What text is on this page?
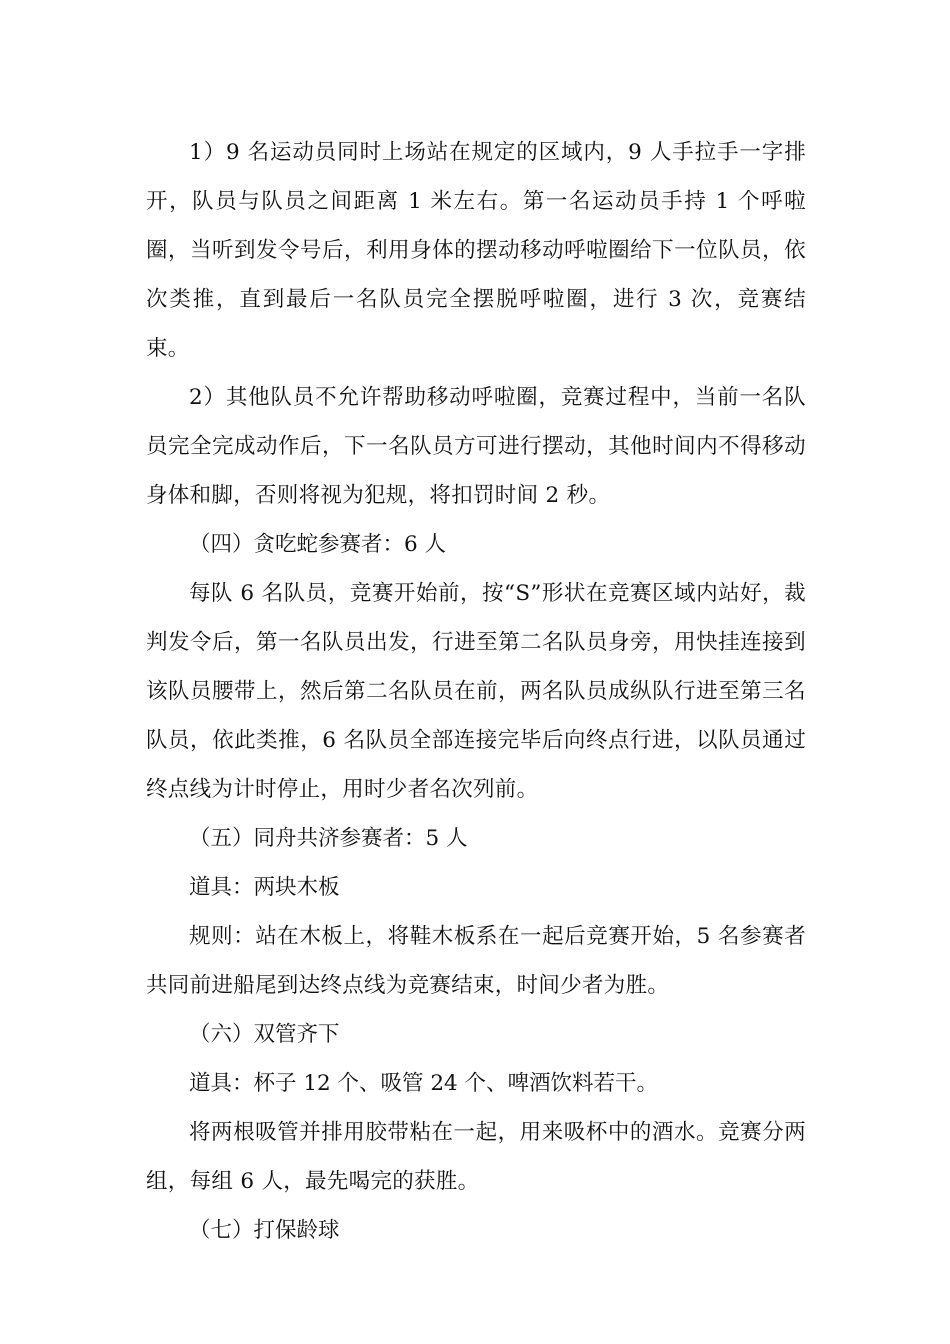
1）9 名运动员同时上场站在规定的区域内，9 人手拉手一字排开，队员与队员之间距离 1 米左右。第一名运动员手持 1 个呼啦圈，当听到发令号后，利用身体的摆动移动呼啦圈给下一位队员，依次类推，直到最后一名队员完全摆脱呼啦圈，进行 3 次，竞赛结束。

2）其他队员不允许帮助移动呼啦圈，竞赛过程中，当前一名队员完全完成动作后，下一名队员方可进行摆动，其他时间内不得移动身体和脚，否则将视为犯规，将扣罚时间 2 秒。

（四）贪吃蛇参赛者：6 人

每队 6 名队员，竞赛开始前，按“S”形状在竞赛区域内站好，裁判发令后，第一名队员出发，行进至第二名队员身旁，用快挂连接到该队员腰带上，然后第二名队员在前，两名队员成纵队行进至第三名队员，依此类推，6 名队员全部连接完毕后向终点行进，以队员通过终点线为计时停止，用时少者名次列前。

（五）同舟共济参赛者：5 人

道具：两块木板

规则：站在木板上，将鞋木板系在一起后竞赛开始，5 名参赛者共同前进船尾到达终点线为竞赛结束，时间少者为胜。

（六）双管齐下

道具：杯子 12 个、吸管 24 个、啤酒饮料若干。

将两根吸管并排用胶带粘在一起，用来吸杯中的酒水。竞赛分两组，每组 6 人，最先喝完的获胜。

（七）打保龄球
